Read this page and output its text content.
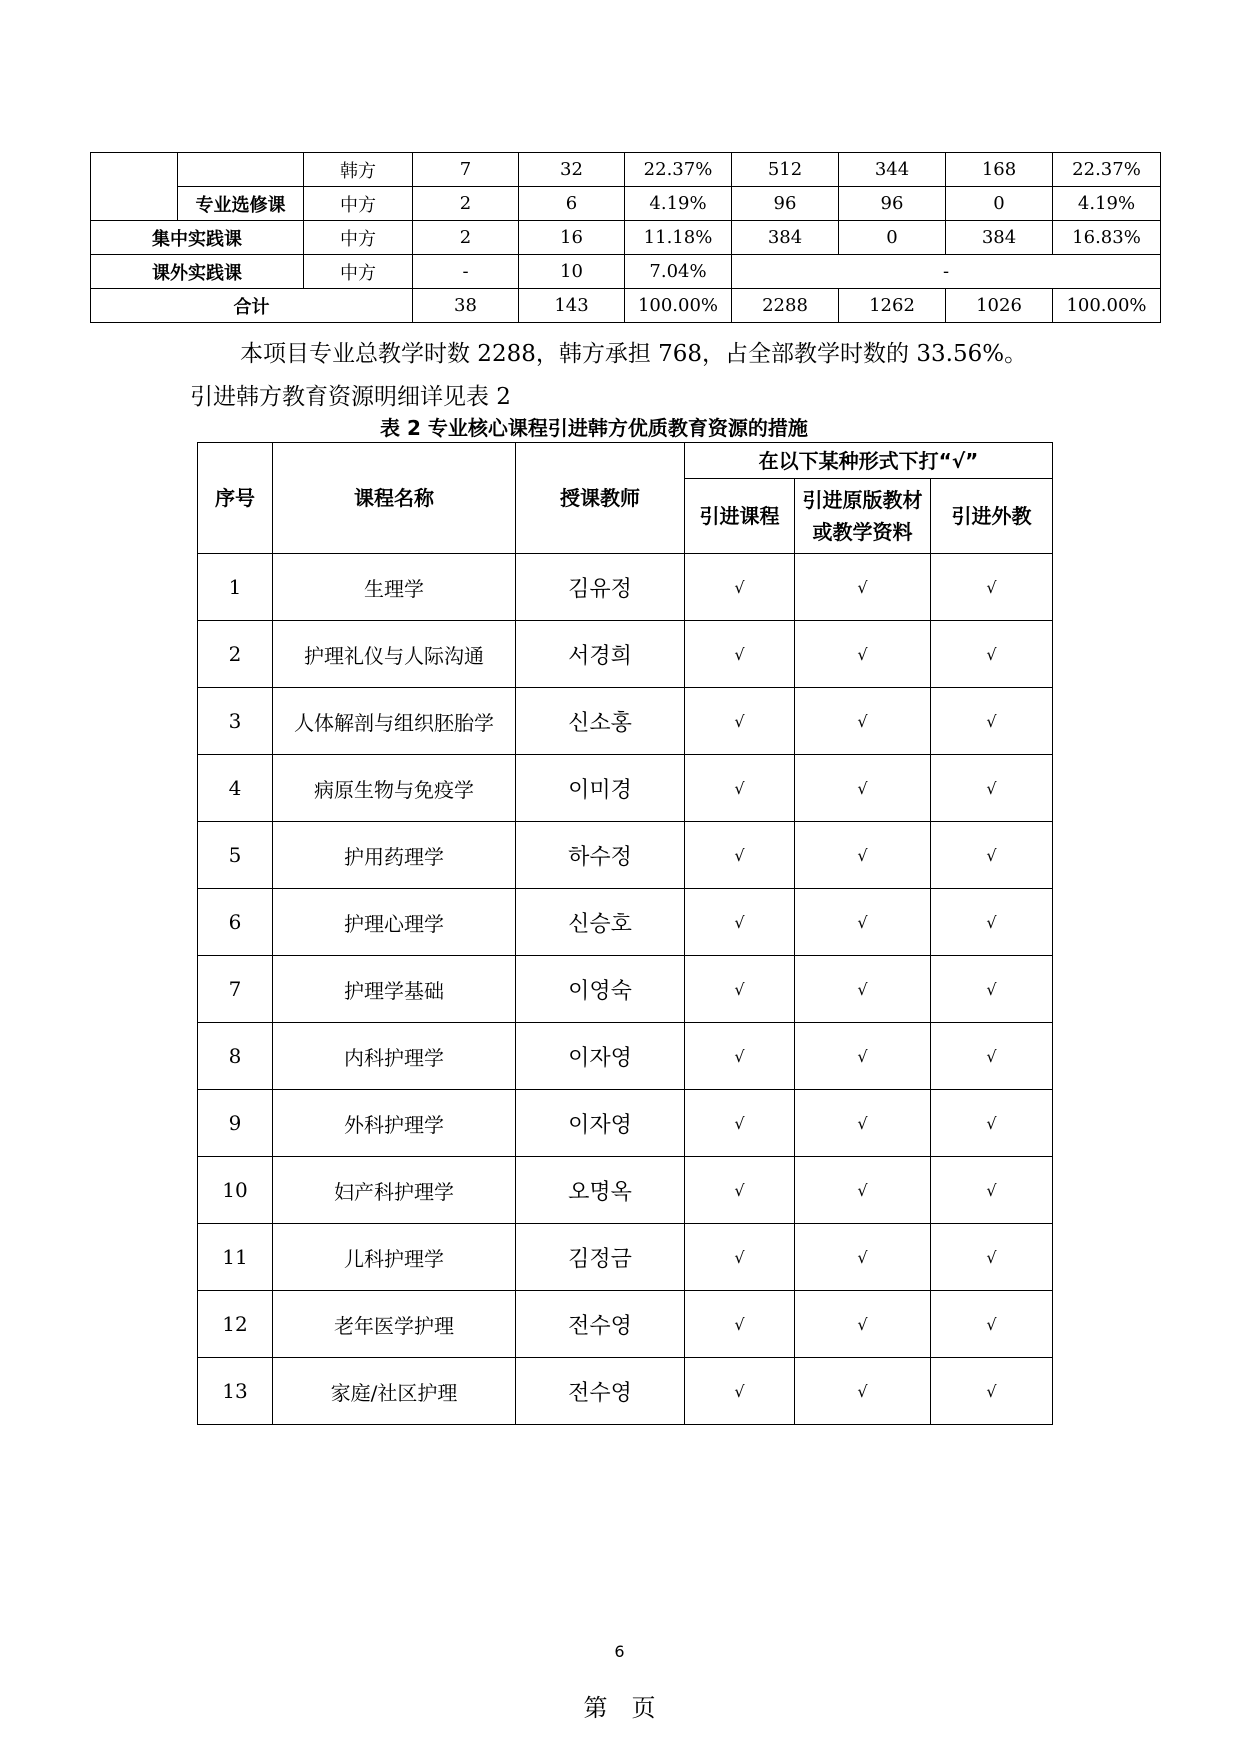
		韩方	7	32	22.37%	512	344	168	22.37%
	专业选修课	中方	2	6	4.19%	96	96	0	4.19%
集中实践课		中方	2	16	11.18%	384	0	384	16.83%
课外实践课		中方	-	10	7.04%	-			
合计			38	143	100.00%	2288	1262	1026	100.00%
本项目专业总教学时数 2288，韩方承担 768，占全部教学时数的 33.56%。
引进韩方教育资源明细详见表 2
表 2 专业核心课程引进韩方优质教育资源的措施
序号	课程名称	授课教师	在以下某种形式下打“√”		
			引进课程	引进原版教材
或教学资料	引进外教
1	生理学	김유정	√	√	√
2	护理礼仪与人际沟通	서경희	√	√	√
3	人体解剖与组织胚胎学	신소홍	√	√	√
4	病原生物与免疫学	이미경	√	√	√
5	护用药理学	하수정	√	√	√
6	护理心理学	신승호	√	√	√
7	护理学基础	이영숙	√	√	√
8	内科护理学	이자영	√	√	√
9	外科护理学	이자영	√	√	√
10	妇产科护理学	오명옥	√	√	√
11	儿科护理学	김정금	√	√	√
12	老年医学护理	전수영	√	√	√
13	家庭/社区护理	전수영	√	√	√
6
第　页
